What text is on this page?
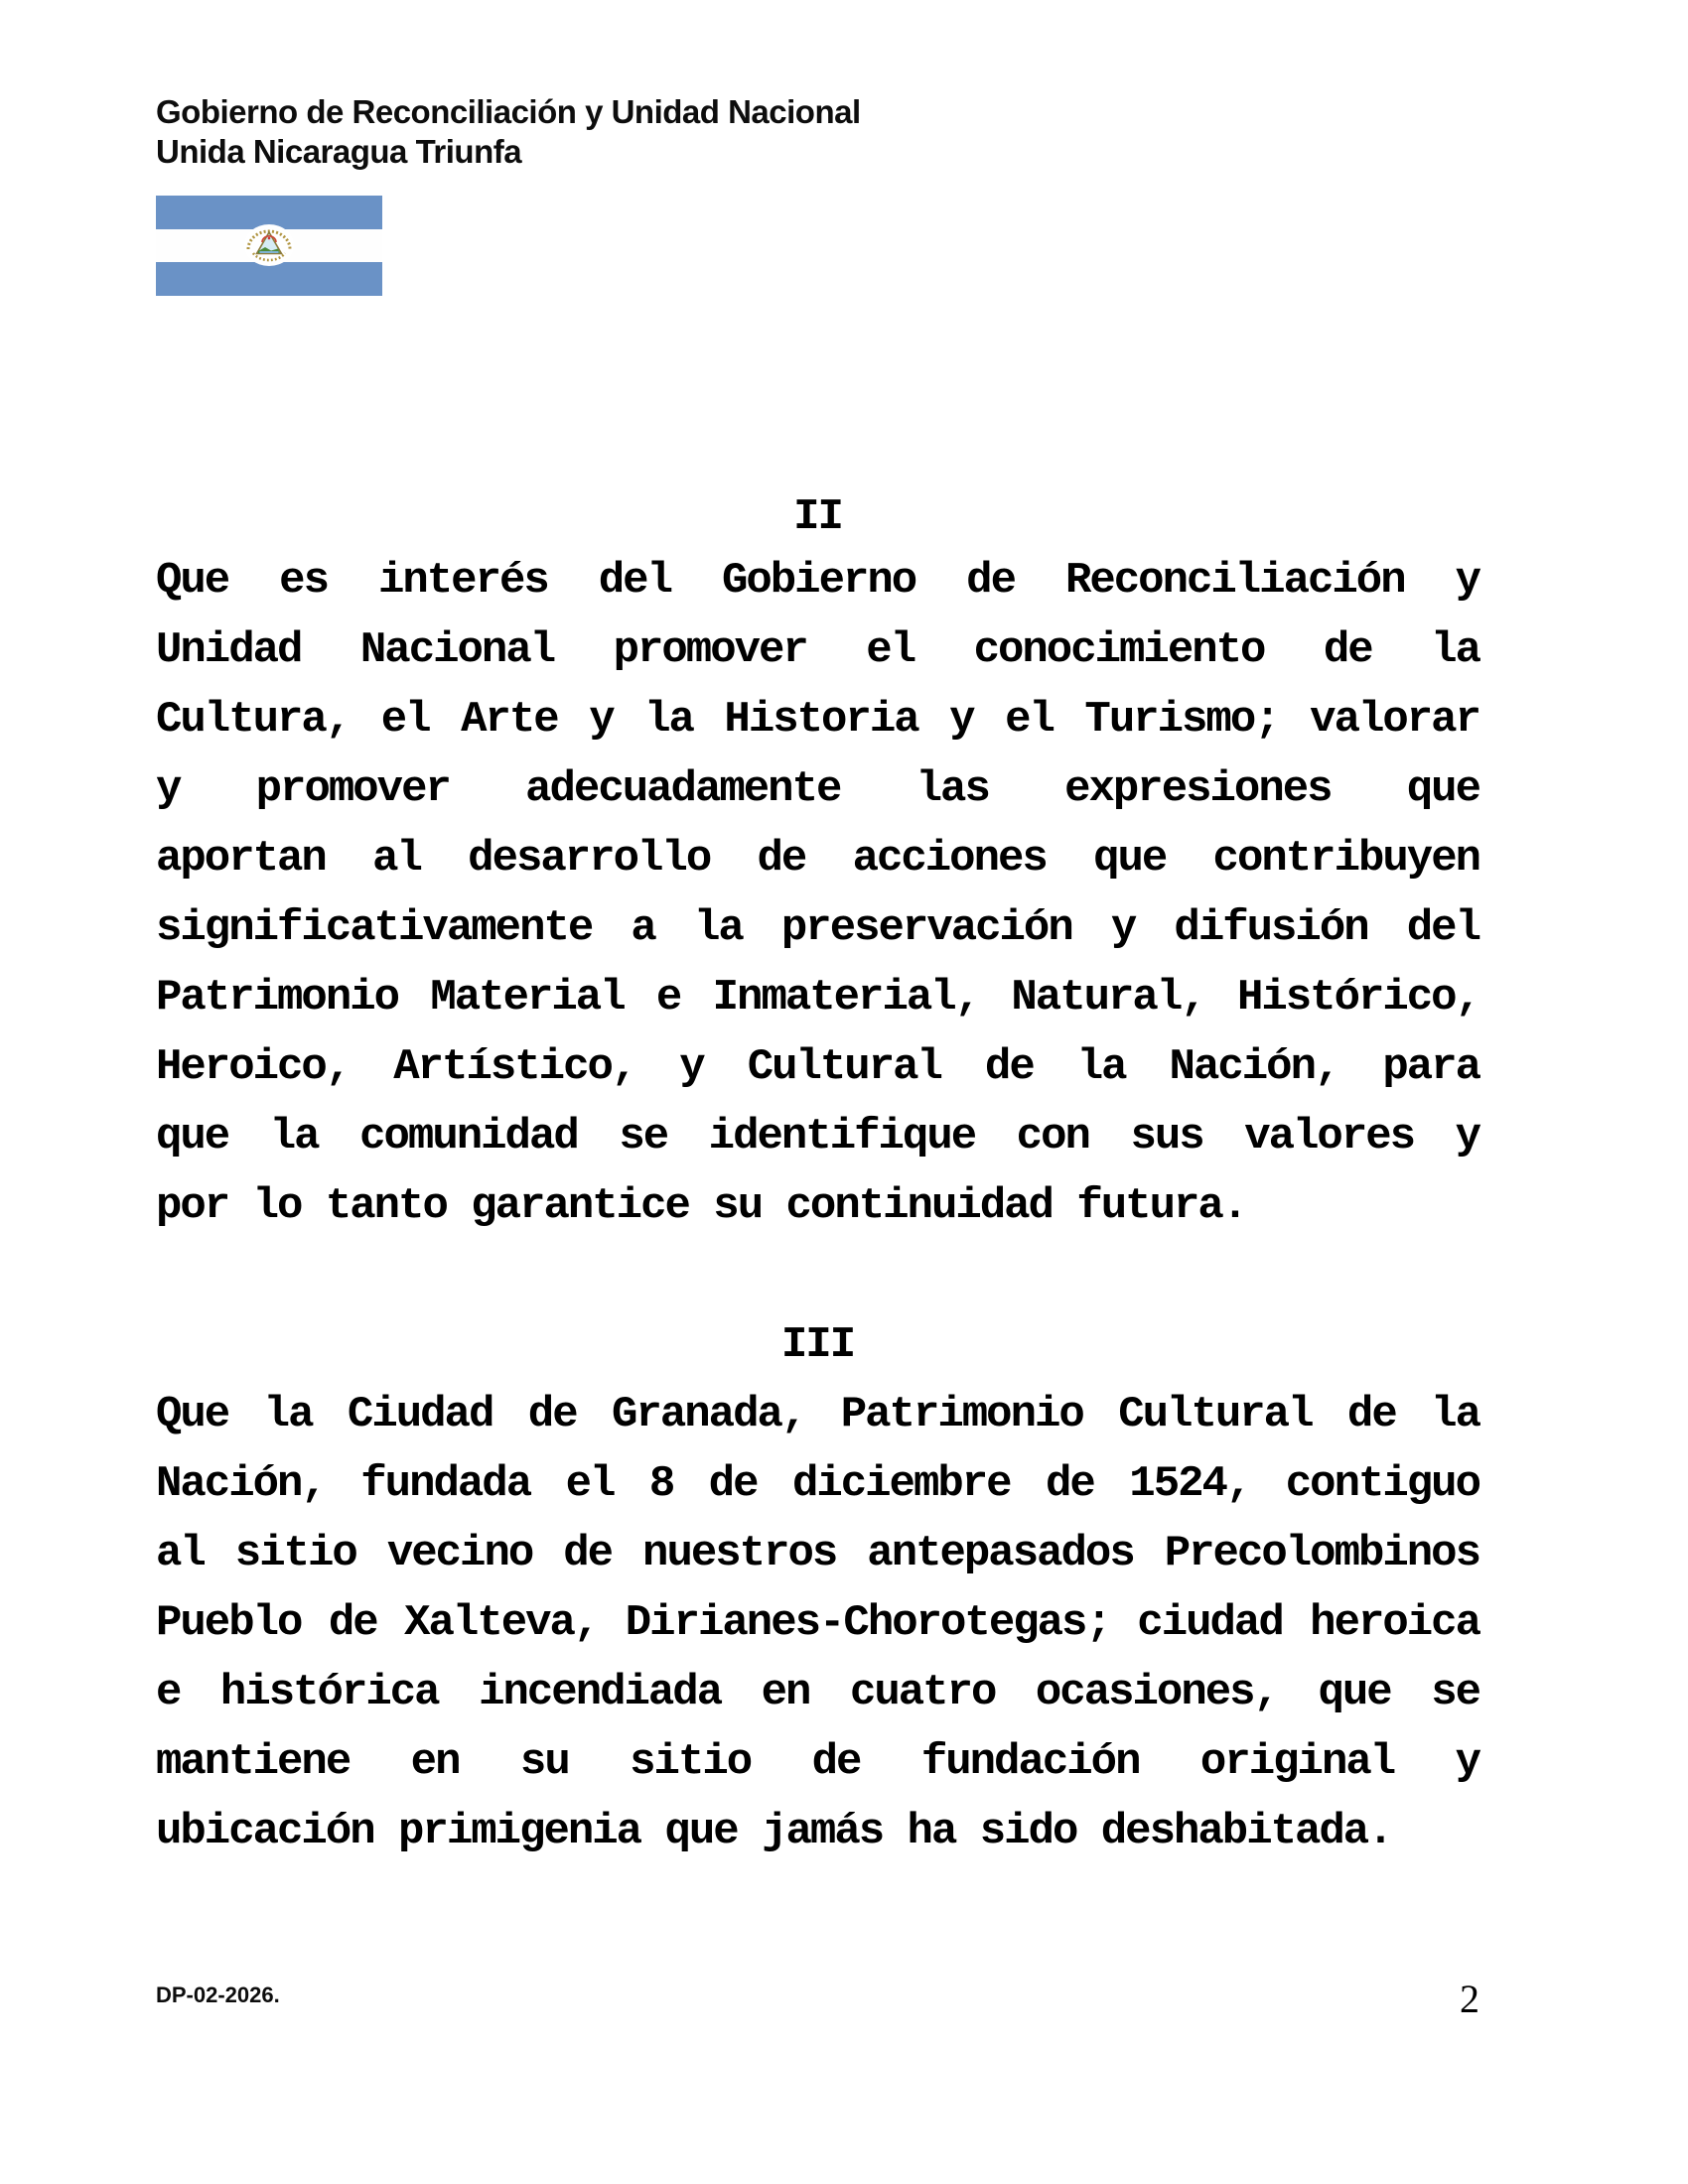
Gobierno de Reconciliación y Unidad Nacional
Unida Nicaragua Triunfa
II
Que es interés del Gobierno de Reconciliación y
Unidad Nacional promover el conocimiento de la
Cultura, el Arte y la Historia y el Turismo; valorar
y promover adecuadamente las expresiones que
aportan al desarrollo de acciones que contribuyen
significativamente a la preservación y difusión del
Patrimonio Material e Inmaterial, Natural, Histórico,
Heroico, Artístico, y Cultural de la Nación, para
que la comunidad se identifique con sus valores y
por lo tanto garantice su continuidad futura.
III
Que la Ciudad de Granada, Patrimonio Cultural de la
Nación, fundada el 8 de diciembre de 1524, contiguo
al sitio vecino de nuestros antepasados Precolombinos
Pueblo de Xalteva, Dirianes-Chorotegas; ciudad heroica
e histórica incendiada en cuatro ocasiones, que se
mantiene en su sitio de fundación original y
ubicación primigenia que jamás ha sido deshabitada.
DP-02-2026.	2
